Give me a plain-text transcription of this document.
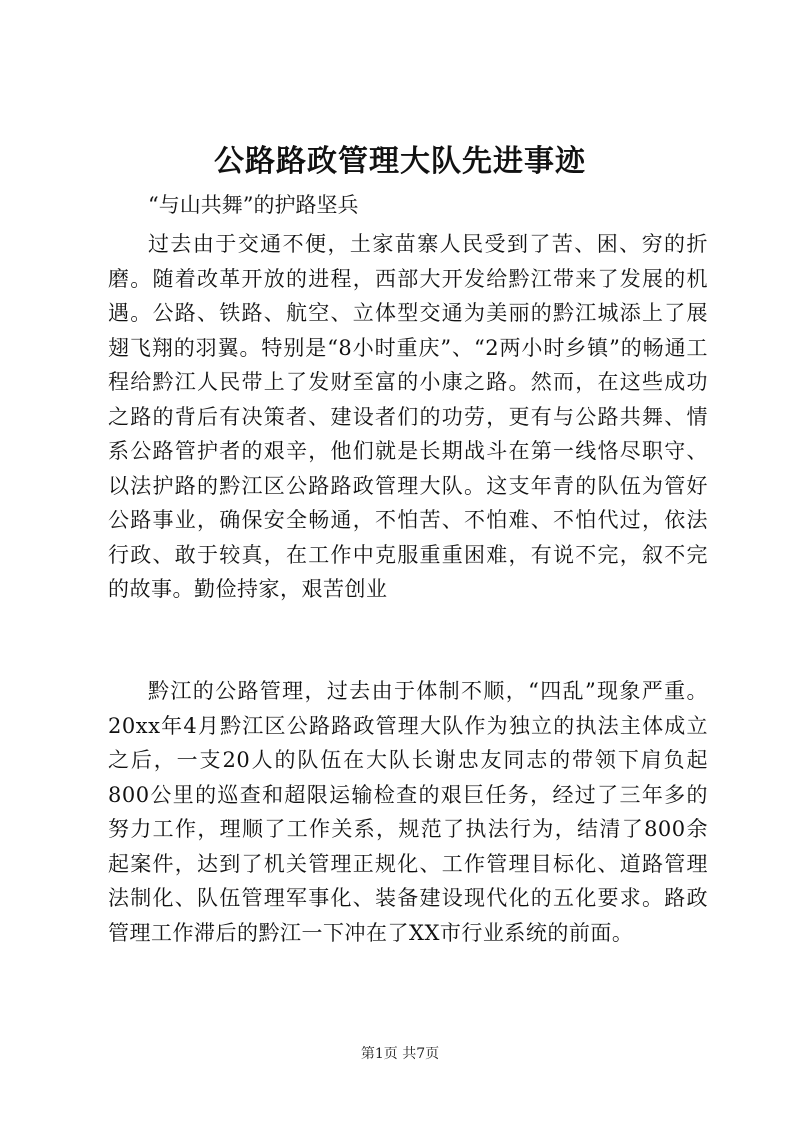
公路路政管理大队先进事迹
“与山共舞”的护路坚兵

过去由于交通不便，土家苗寨人民受到了苦、困、穷的折磨。随着改革开放的进程，西部大开发给黔江带来了发展的机遇。公路、铁路、航空、立体型交通为美丽的黔江城添上了展翅飞翔的羽翼。特别是“8小时重庆”、“2两小时乡镇”的畅通工程给黔江人民带上了发财至富的小康之路。然而，在这些成功之路的背后有决策者、建设者们的功劳，更有与公路共舞、情系公路管护者的艰辛，他们就是长期战斗在第一线恪尽职守、以法护路的黔江区公路路政管理大队。这支年青的队伍为管好公路事业，确保安全畅通，不怕苦、不怕难、不怕代过，依法行政、敢于较真，在工作中克服重重困难，有说不完，叙不完的故事。勤俭持家，艰苦创业

黔江的公路管理，过去由于体制不顺，“四乱”现象严重。20xx年4月黔江区公路路政管理大队作为独立的执法主体成立之后，一支20人的队伍在大队长谢忠友同志的带领下肩负起800公里的巡查和超限运输检查的艰巨任务，经过了三年多的努力工作，理顺了工作关系，规范了执法行为，结清了800余起案件，达到了机关管理正规化、工作管理目标化、道路管理法制化、队伍管理军事化、装备建设现代化的五化要求。路政管理工作滞后的黔江一下冲在了XX市行业系统的前面。

第1页 共7页
